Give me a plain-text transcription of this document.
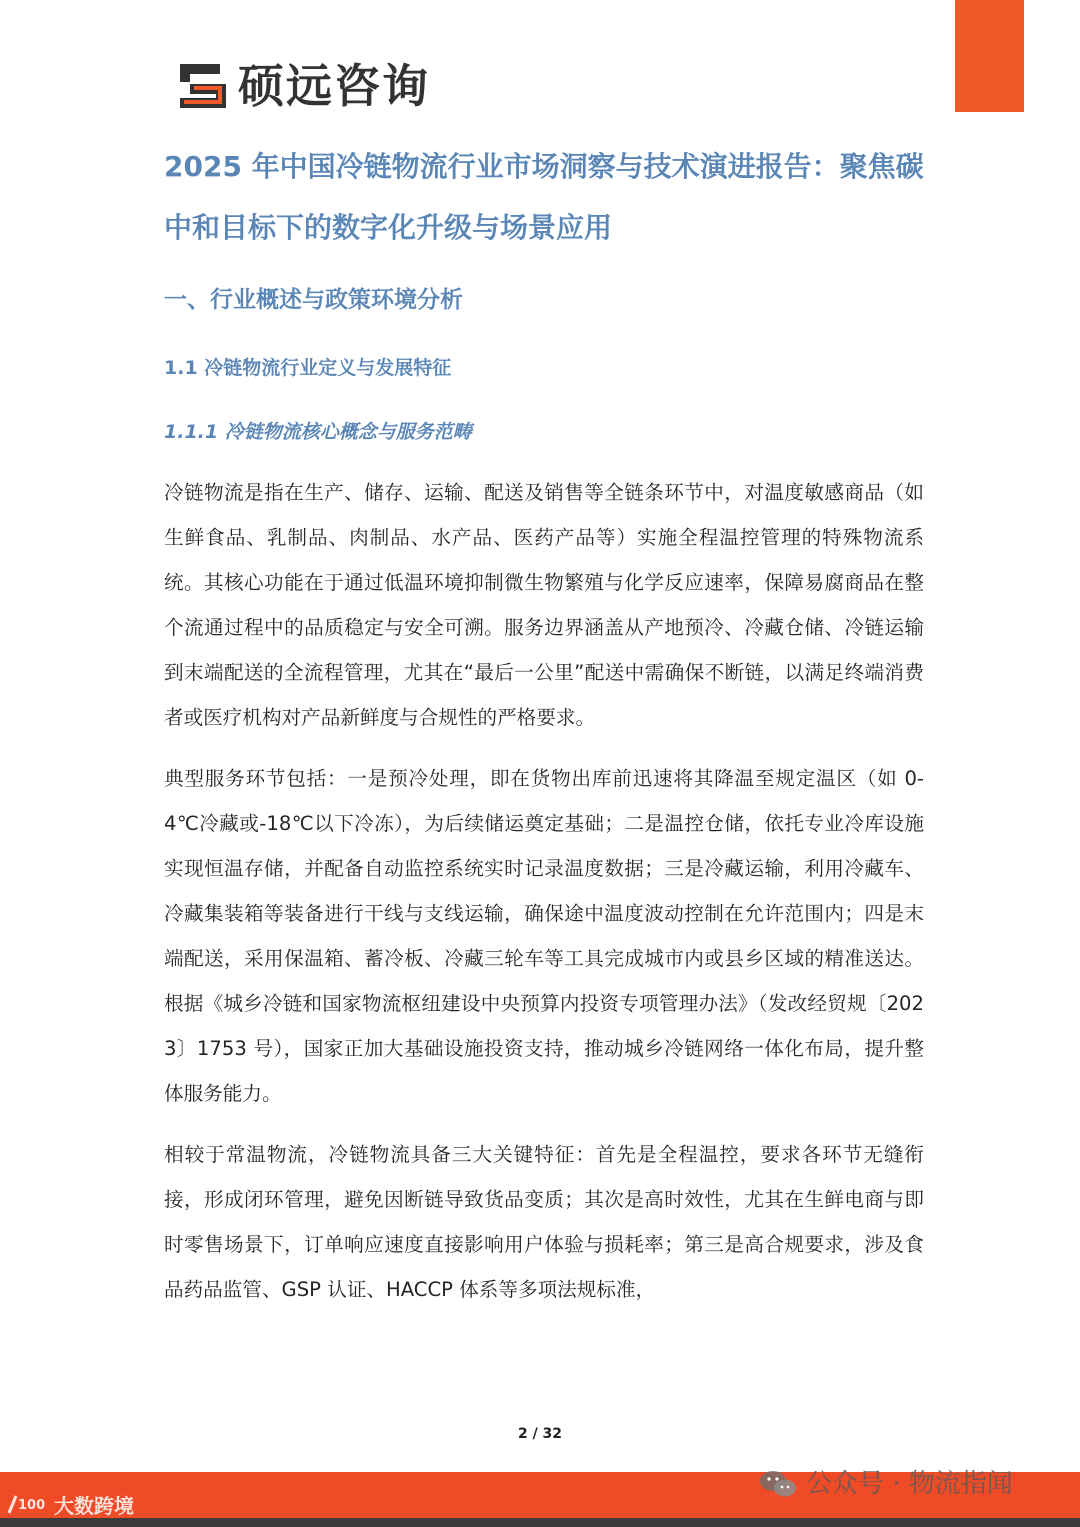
硕远咨询
2025 年中国冷链物流行业市场洞察与技术演进报告：聚焦碳中和目标下的数字化升级与场景应用
一、行业概述与政策环境分析
1.1 冷链物流行业定义与发展特征
1.1.1 冷链物流核心概念与服务范畴

冷链物流是指在生产、储存、运输、配送及销售等全链条环节中，对温度敏感商品（如生鲜食品、乳制品、肉制品、水产品、医药产品等）实施全程温控管理的特殊物流系统。其核心功能在于通过低温环境抑制微生物繁殖与化学反应速率，保障易腐商品在整个流通过程中的品质稳定与安全可溯。服务边界涵盖从产地预冷、冷藏仓储、冷链运输到末端配送的全流程管理，尤其在“最后一公里”配送中需确保不断链，以满足终端消费者或医疗机构对产品新鲜度与合规性的严格要求。

典型服务环节包括：一是预冷处理，即在货物出库前迅速将其降温至规定温区（如 0-4℃冷藏或-18℃以下冷冻），为后续储运奠定基础；二是温控仓储，依托专业冷库设施实现恒温存储，并配备自动监控系统实时记录温度数据；三是冷藏运输，利用冷藏车、冷藏集装箱等装备进行干线与支线运输，确保途中温度波动控制在允许范围内；四是末端配送，采用保温箱、蓄冷板、冷藏三轮车等工具完成城市内或县乡区域的精准送达。根据《城乡冷链和国家物流枢纽建设中央预算内投资专项管理办法》（发改经贸规〔2023〕1753 号），国家正加大基础设施投资支持，推动城乡冷链网络一体化布局，提升整体服务能力。

相较于常温物流，冷链物流具备三大关键特征：首先是全程温控，要求各环节无缝衔接，形成闭环管理，避免因断链导致货品变质；其次是高时效性，尤其在生鲜电商与即时零售场景下，订单响应速度直接影响用户体验与损耗率；第三是高合规要求，涉及食品药品监管、GSP 认证、HACCP 体系等多项法规标准，

2 / 32
100 大数跨境
公众号 · 物流指闻
